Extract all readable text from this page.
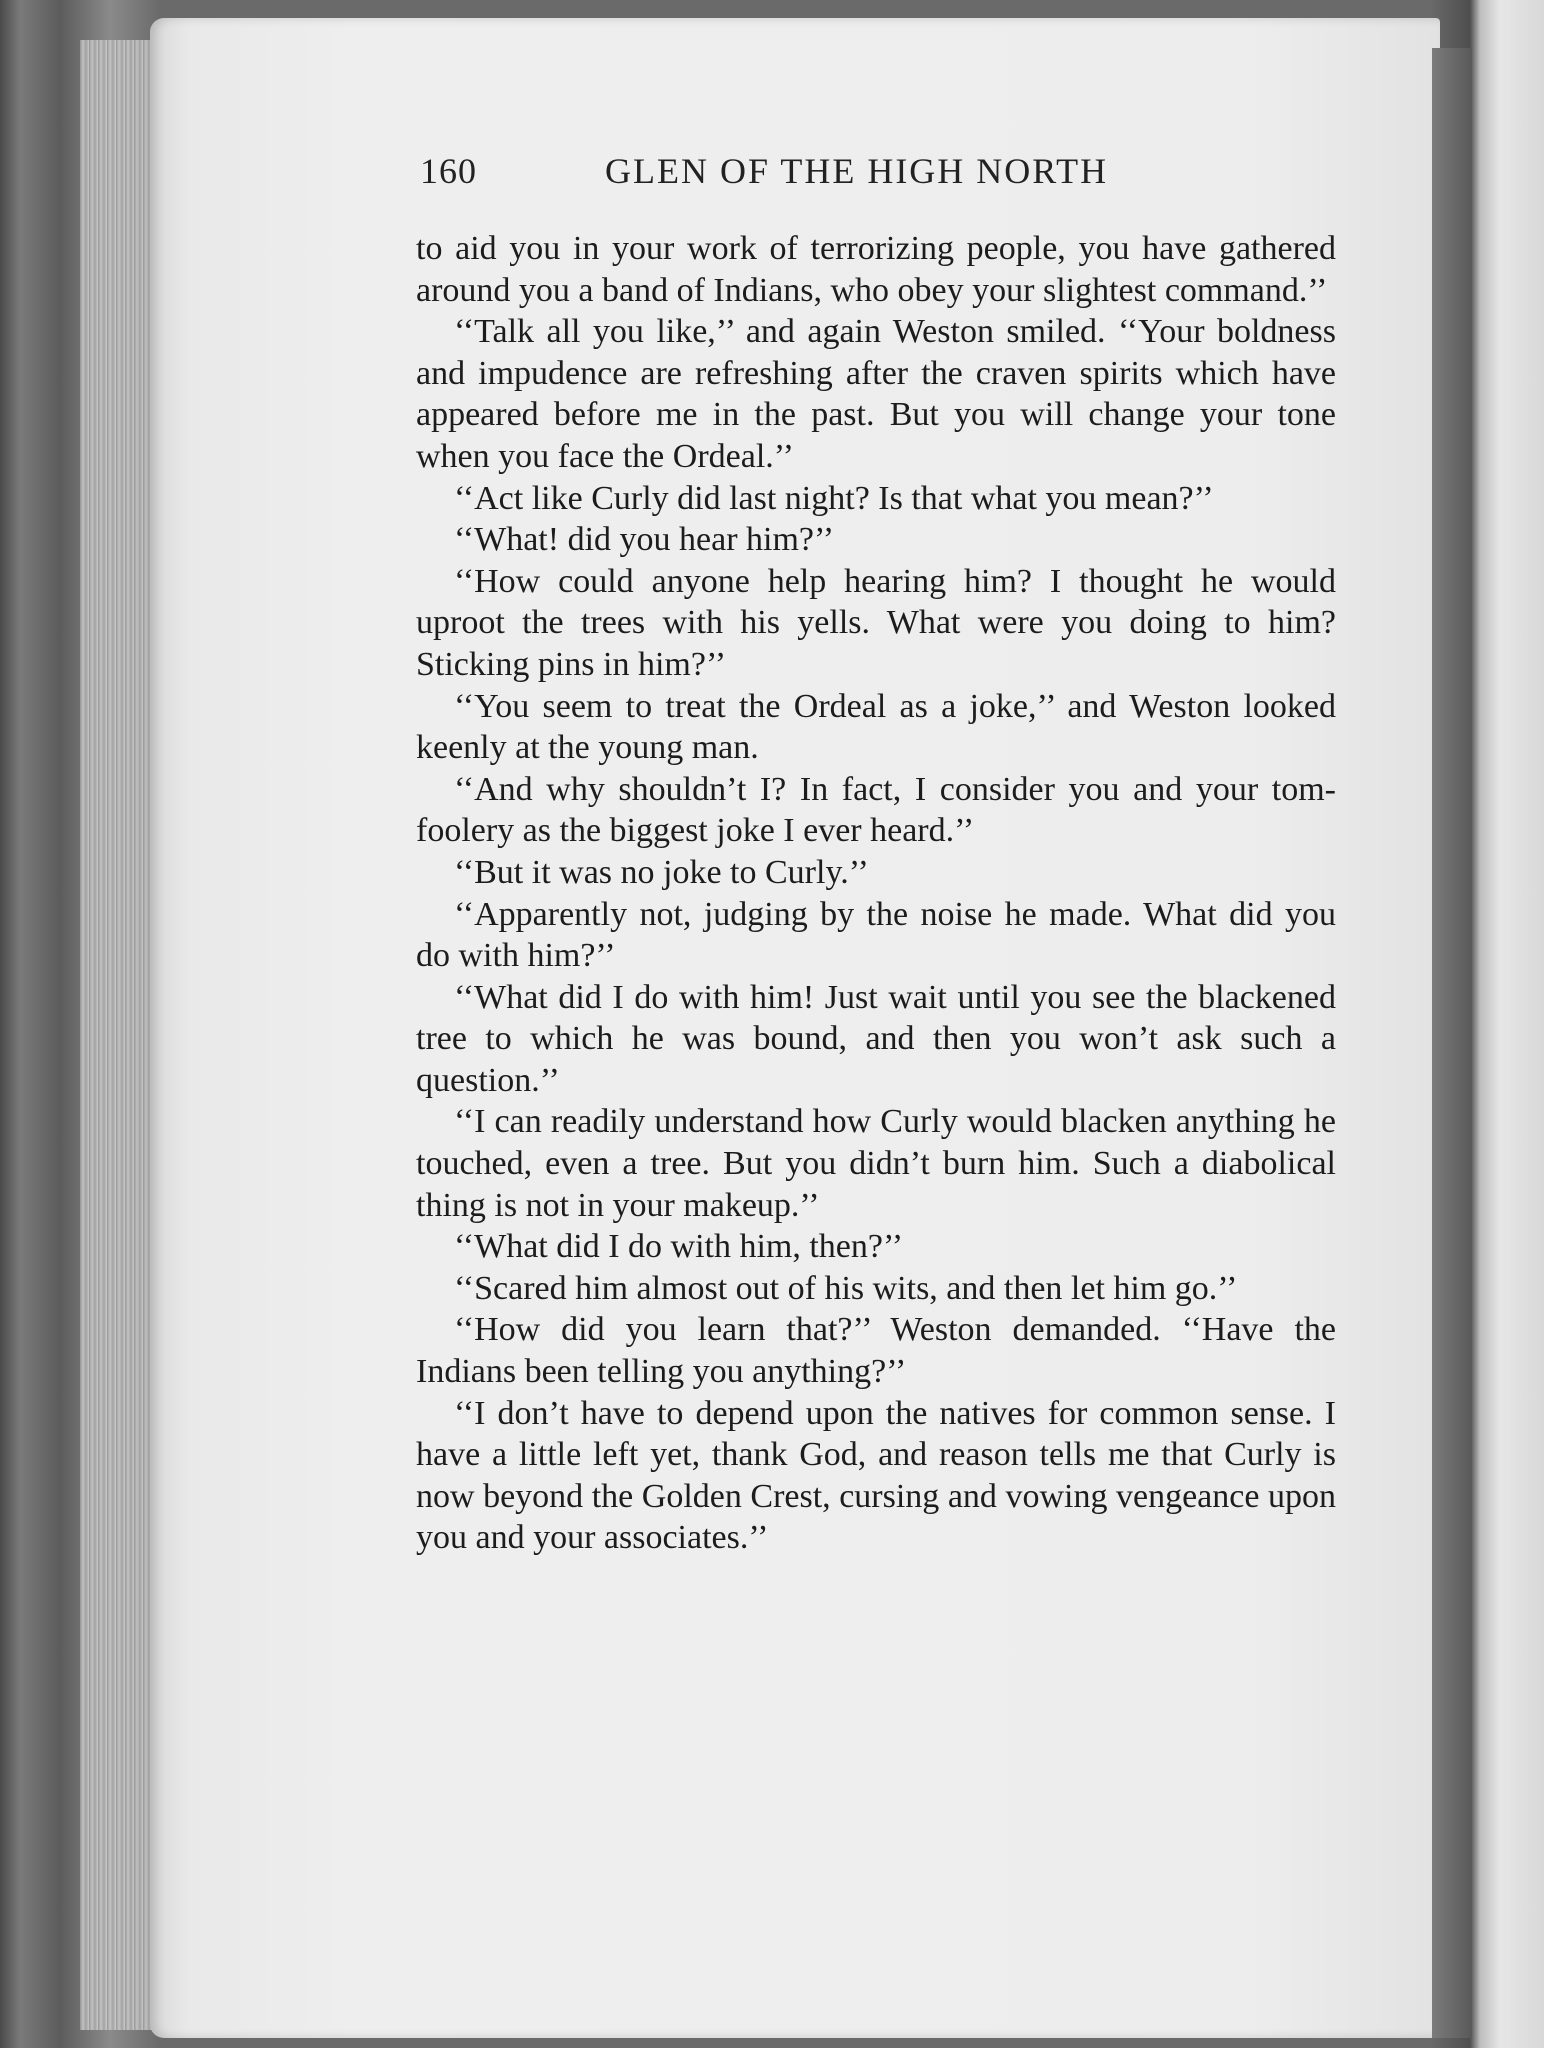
160	GLEN OF THE HIGH NORTH

to aid you in your work of terrorizing people, you have gathered around you a band of Indians, who obey your slightest command.’’

‘‘Talk all you like,’’ and again Weston smiled. ‘‘Your boldness and impudence are refreshing after the craven spirits which have appeared before me in the past. But you will change your tone when you face the Ordeal.’’

‘‘Act like Curly did last night? Is that what you mean?’’

‘‘What! did you hear him?’’

‘‘How could anyone help hearing him? I thought he would uproot the trees with his yells. What were you doing to him? Sticking pins in him?’’

‘‘You seem to treat the Ordeal as a joke,’’ and Weston looked keenly at the young man.

‘‘And why shouldn’t I? In fact, I consider you and your tom-foolery as the biggest joke I ever heard.’’

‘‘But it was no joke to Curly.’’

‘‘Apparently not, judging by the noise he made. What did you do with him?’’

‘‘What did I do with him! Just wait until you see the blackened tree to which he was bound, and then you won’t ask such a question.’’

‘‘I can readily understand how Curly would blacken anything he touched, even a tree. But you didn’t burn him. Such a diabolical thing is not in your makeup.’’

‘‘What did I do with him, then?’’

‘‘Scared him almost out of his wits, and then let him go.’’

‘‘How did you learn that?’’ Weston demanded. ‘‘Have the Indians been telling you anything?’’

‘‘I don’t have to depend upon the natives for common sense. I have a little left yet, thank God, and reason tells me that Curly is now beyond the Golden Crest, cursing and vowing vengeance upon you and your associates.’’
